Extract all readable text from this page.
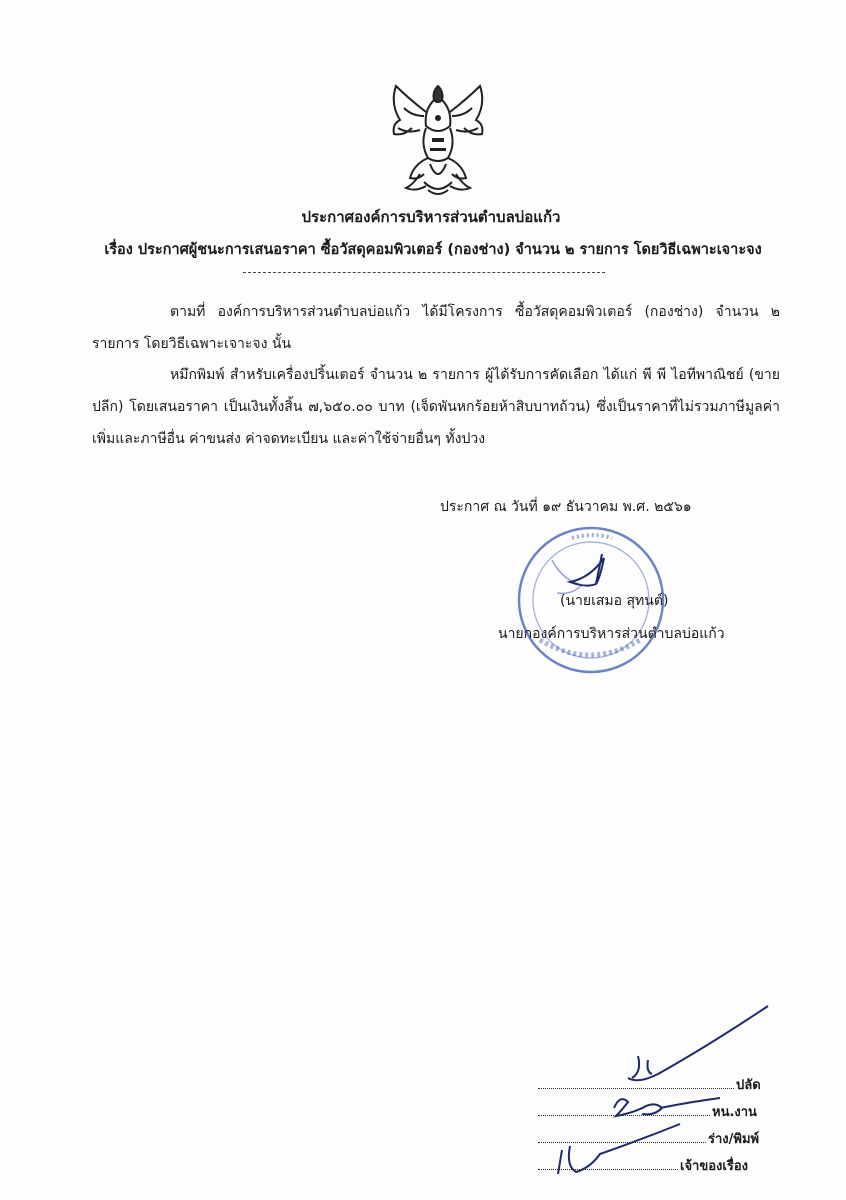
ประกาศองค์การบริหารส่วนตำบลบ่อแก้ว
เรื่อง ประกาศผู้ชนะการเสนอราคา ซื้อวัสดุคอมพิวเตอร์ (กองช่าง) จำนวน ๒ รายการ โดยวิธีเฉพาะเจาะจง
ตามที่ องค์การบริหารส่วนตำบลบ่อแก้ว ได้มีโครงการ ซื้อวัสดุคอมพิวเตอร์ (กองช่าง) จำนวน ๒ รายการ โดยวิธีเฉพาะเจาะจง นั้น
หมึกพิมพ์ สำหรับเครื่องปริ้นเตอร์ จำนวน ๒ รายการ ผู้ได้รับการคัดเลือก ได้แก่ พี พี ไอทีพาณิชย์ (ขายปลีก) โดยเสนอราคา เป็นเงินทั้งสิ้น ๗,๖๕๐.๐๐ บาท (เจ็ดพันหกร้อยห้าสิบบาทถ้วน) ซึ่งเป็นราคาที่ไม่รวมภาษีมูลค่าเพิ่มและภาษีอื่น ค่าขนส่ง ค่าจดทะเบียน และค่าใช้จ่ายอื่นๆ ทั้งปวง
ประกาศ ณ วันที่ ๑๙ ธันวาคม พ.ศ. ๒๕๖๑
(นายเสมอ สุทนต์)
นายกองค์การบริหารส่วนตำบลบ่อแก้ว
ปลัด
หน.งาน
ร่าง/พิมพ์
เจ้าของเรื่อง
